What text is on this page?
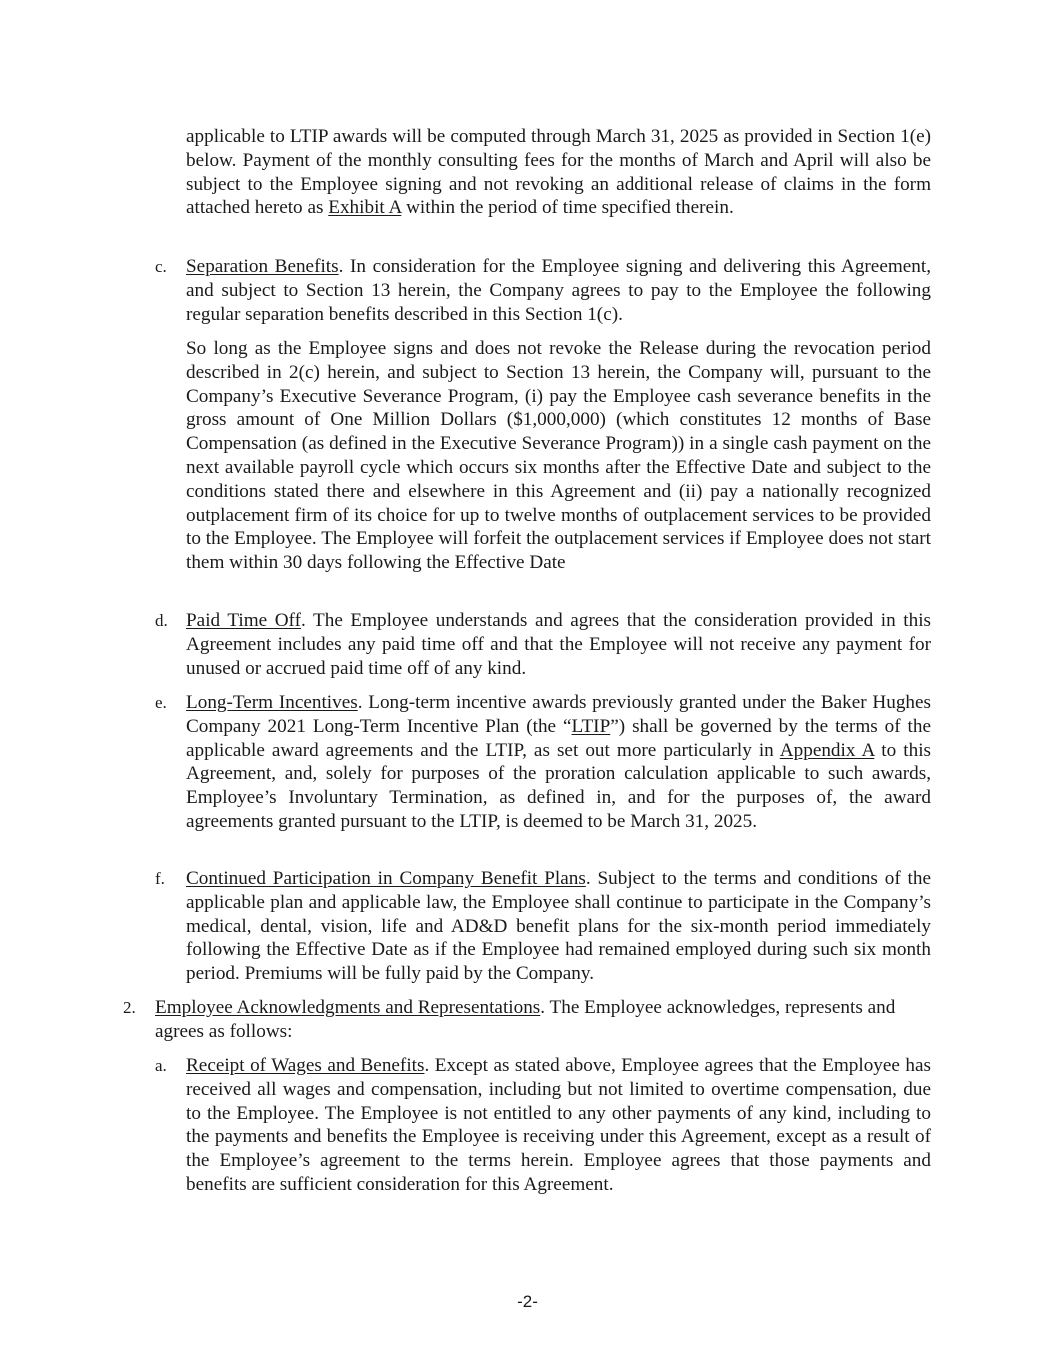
applicable to LTIP awards will be computed through March 31, 2025 as provided in Section 1(e) below. Payment of the monthly consulting fees for the months of March and April will also be subject to the Employee signing and not revoking an additional release of claims in the form attached hereto as Exhibit A within the period of time specified therein.

c. Separation Benefits. In consideration for the Employee signing and delivering this Agreement, and subject to Section 13 herein, the Company agrees to pay to the Employee the following regular separation benefits described in this Section 1(c).

So long as the Employee signs and does not revoke the Release during the revocation period described in 2(c) herein, and subject to Section 13 herein, the Company will, pursuant to the Company’s Executive Severance Program, (i) pay the Employee cash severance benefits in the gross amount of One Million Dollars ($1,000,000) (which constitutes 12 months of Base Compensation (as defined in the Executive Severance Program)) in a single cash payment on the next available payroll cycle which occurs six months after the Effective Date and subject to the conditions stated there and elsewhere in this Agreement and (ii) pay a nationally recognized outplacement firm of its choice for up to twelve months of outplacement services to be provided to the Employee. The Employee will forfeit the outplacement services if Employee does not start them within 30 days following the Effective Date

d. Paid Time Off. The Employee understands and agrees that the consideration provided in this Agreement includes any paid time off and that the Employee will not receive any payment for unused or accrued paid time off of any kind.

e. Long-Term Incentives. Long-term incentive awards previously granted under the Baker Hughes Company 2021 Long-Term Incentive Plan (the “LTIP”) shall be governed by the terms of the applicable award agreements and the LTIP, as set out more particularly in Appendix A to this Agreement, and, solely for purposes of the proration calculation applicable to such awards, Employee’s Involuntary Termination, as defined in, and for the purposes of, the award agreements granted pursuant to the LTIP, is deemed to be March 31, 2025.

f. Continued Participation in Company Benefit Plans. Subject to the terms and conditions of the applicable plan and applicable law, the Employee shall continue to participate in the Company’s medical, dental, vision, life and AD&D benefit plans for the six-month period immediately following the Effective Date as if the Employee had remained employed during such six month period. Premiums will be fully paid by the Company.

2. Employee Acknowledgments and Representations. The Employee acknowledges, represents and agrees as follows:

a. Receipt of Wages and Benefits. Except as stated above, Employee agrees that the Employee has received all wages and compensation, including but not limited to overtime compensation, due to the Employee. The Employee is not entitled to any other payments of any kind, including to the payments and benefits the Employee is receiving under this Agreement, except as a result of the Employee’s agreement to the terms herein. Employee agrees that those payments and benefits are sufficient consideration for this Agreement.

-2-
